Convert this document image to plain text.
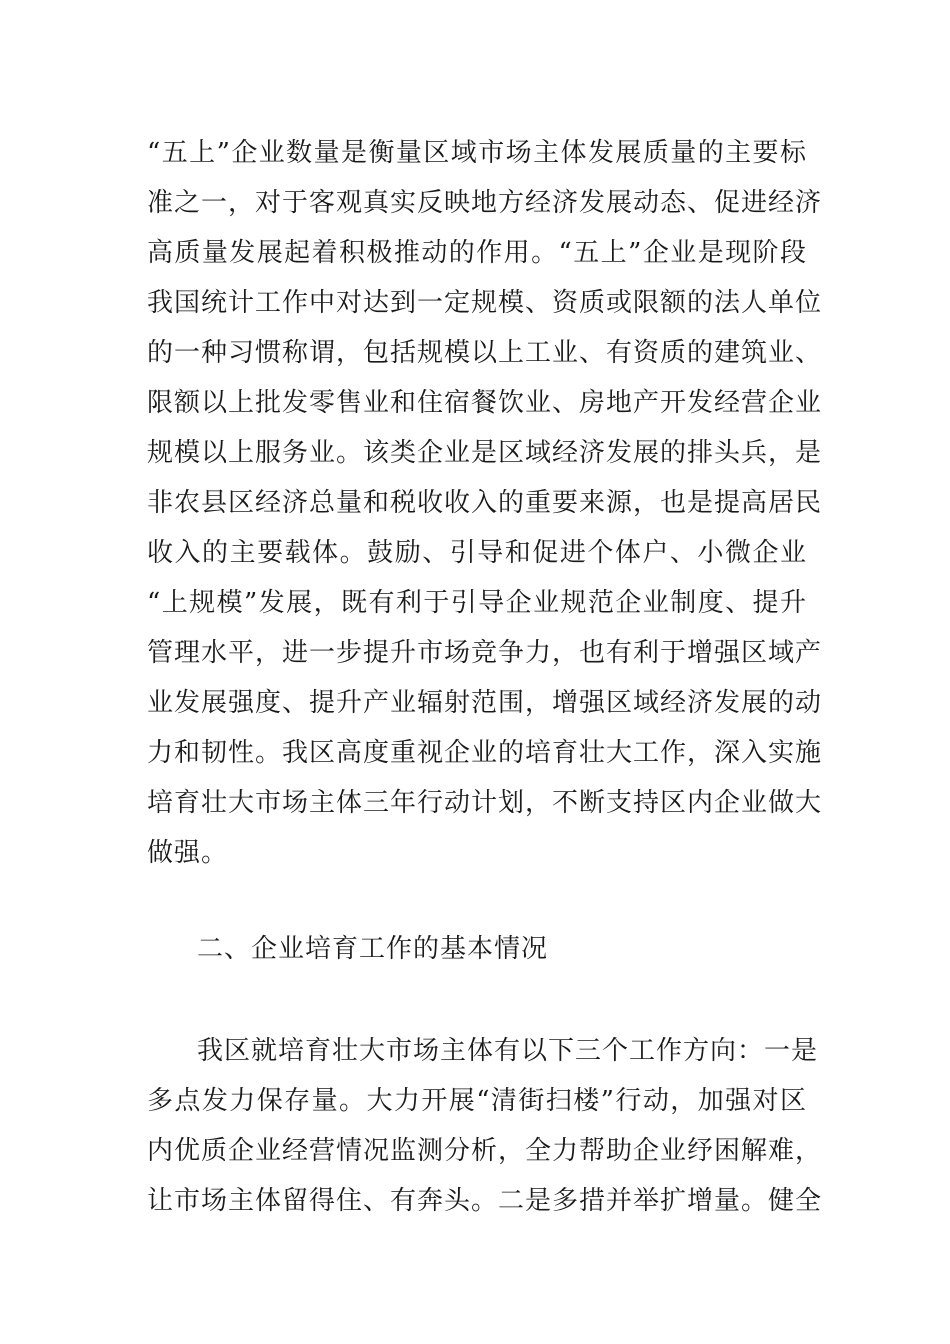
“五上”企业数量是衡量区域市场主体发展质量的主要标
准之一，对于客观真实反映地方经济发展动态、促进经济
高质量发展起着积极推动的作用。“五上”企业是现阶段
我国统计工作中对达到一定规模、资质或限额的法人单位
的一种习惯称谓，包括规模以上工业、有资质的建筑业、
限额以上批发零售业和住宿餐饮业、房地产开发经营企业
规模以上服务业。该类企业是区域经济发展的排头兵，是
非农县区经济总量和税收收入的重要来源，也是提高居民
收入的主要载体。鼓励、引导和促进个体户、小微企业
“上规模”发展，既有利于引导企业规范企业制度、提升
管理水平，进一步提升市场竞争力，也有利于增强区域产
业发展强度、提升产业辐射范围，增强区域经济发展的动
力和韧性。我区高度重视企业的培育壮大工作，深入实施
培育壮大市场主体三年行动计划，不断支持区内企业做大
做强。
二、企业培育工作的基本情况
我区就培育壮大市场主体有以下三个工作方向：一是
多点发力保存量。大力开展“清街扫楼”行动，加强对区
内优质企业经营情况监测分析，全力帮助企业纾困解难，
让市场主体留得住、有奔头。二是多措并举扩增量。健全
